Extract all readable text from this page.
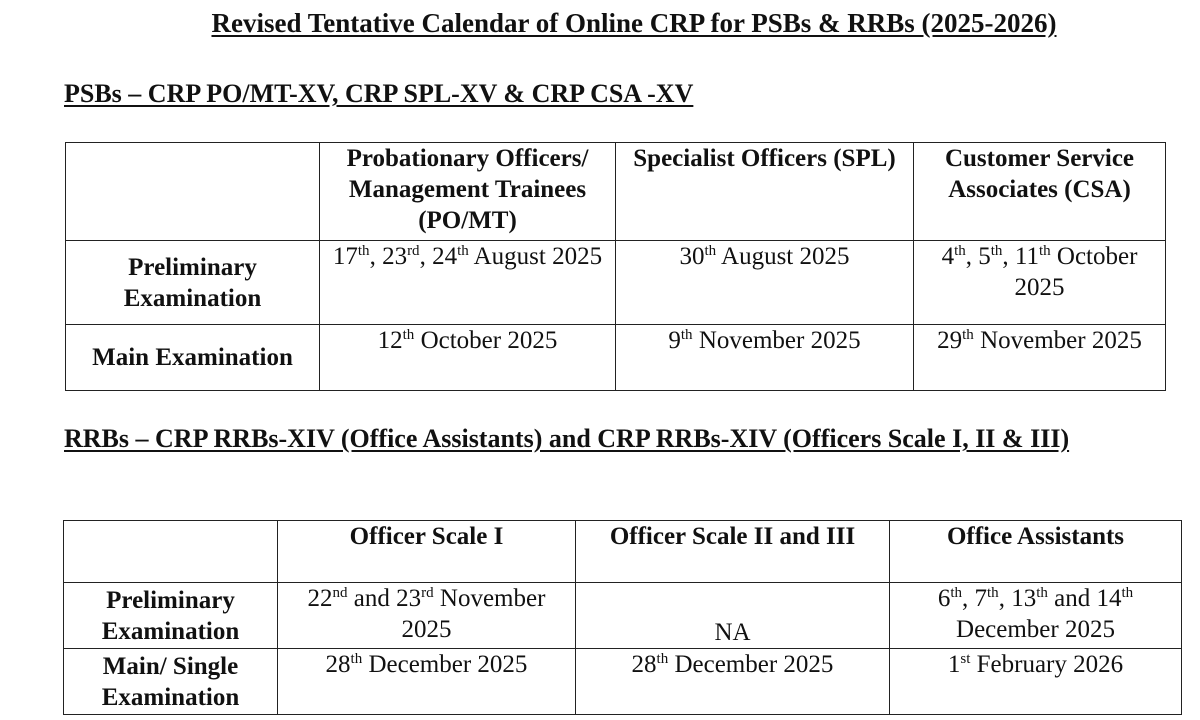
Revised Tentative Calendar of Online CRP for PSBs & RRBs (2025-2026)
PSBs – CRP PO/MT-XV, CRP SPL-XV & CRP CSA -XV
	Probationary Officers/ Management Trainees (PO/MT)	Specialist Officers (SPL)	Customer Service Associates (CSA)
Preliminary Examination	17th, 23rd, 24th August 2025	30th August 2025	4th, 5th, 11th October 2025
Main Examination	12th October 2025	9th November 2025	29th November 2025
RRBs – CRP RRBs-XIV (Office Assistants) and CRP RRBs-XIV (Officers Scale I, II & III)
	Officer Scale I	Officer Scale II and III	Office Assistants
Preliminary Examination	22nd and 23rd November 2025	NA	6th, 7th, 13th and 14th December 2025
Main/ Single Examination	28th December 2025	28th December 2025	1st February 2026
